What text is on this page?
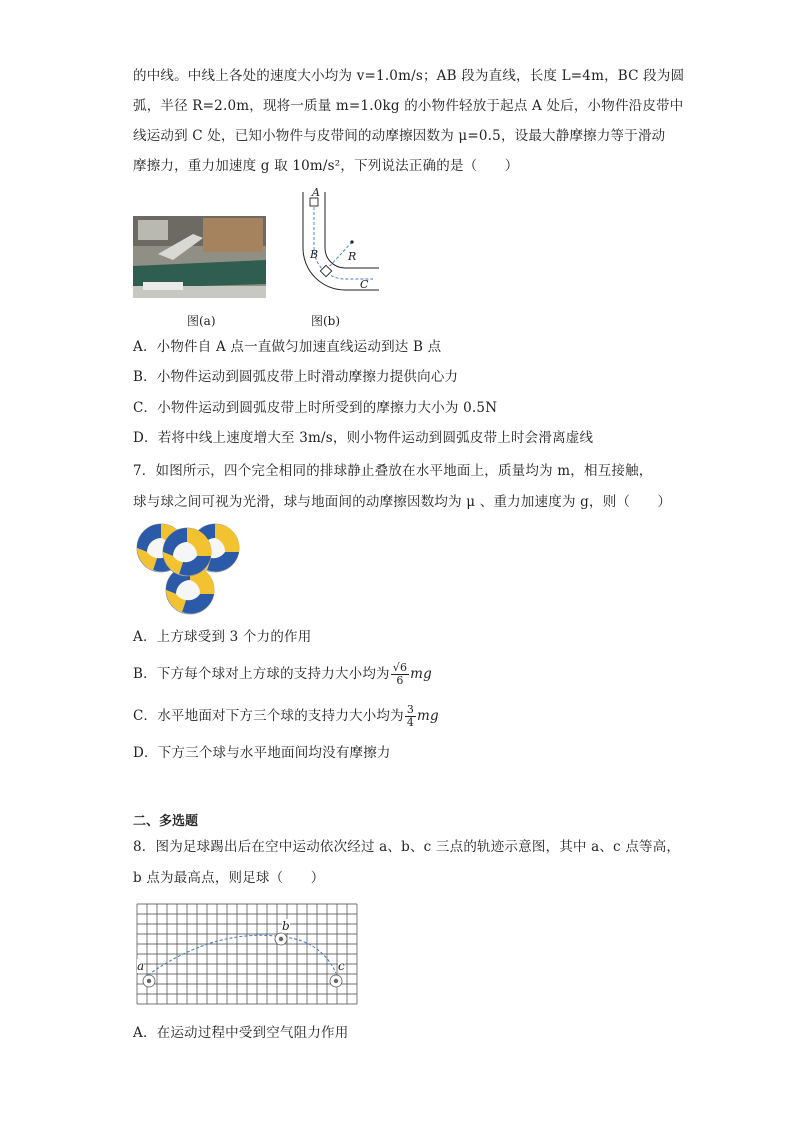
的中线。中线上各处的速度大小均为 v=1.0m/s；AB 段为直线，长度 L=4m，BC 段为圆
弧，半径 R=2.0m，现将一质量 m=1.0kg 的小物件轻放于起点 A 处后，小物件沿皮带中
线运动到 C 处，已知小物件与皮带间的动摩擦因数为 μ=0.5，设最大静摩擦力等于滑动
摩擦力，重力加速度 g 取 10m/s²，下列说法正确的是（　　）
图(a)
A
B	R
C
图(b)
A．小物件自 A 点一直做匀加速直线运动到达 B 点
B．小物件运动到圆弧皮带上时滑动摩擦力提供向心力
C．小物件运动到圆弧皮带上时所受到的摩擦力大小为 0.5N
D．若将中线上速度增大至 3m/s，则小物件运动到圆弧皮带上时会滑离虚线
7．如图所示，四个完全相同的排球静止叠放在水平地面上，质量均为 m，相互接触，
球与球之间可视为光滑，球与地面间的动摩擦因数均为 μ 、重力加速度为 g，则（　　）
A．上方球受到 3 个力的作用
B．下方每个球对上方球的支持力大小均为 $\frac{√6}{6}$ mg
C．水平地面对下方三个球的支持力大小均为 $\frac{3}{4}$ mg
D．下方三个球与水平地面间均没有摩擦力
二、多选题
8．图为足球踢出后在空中运动依次经过 a、b、c 三点的轨迹示意图，其中 a、c 点等高，
b 点为最高点，则足球（　　）
a
b
c
A．在运动过程中受到空气阻力作用
